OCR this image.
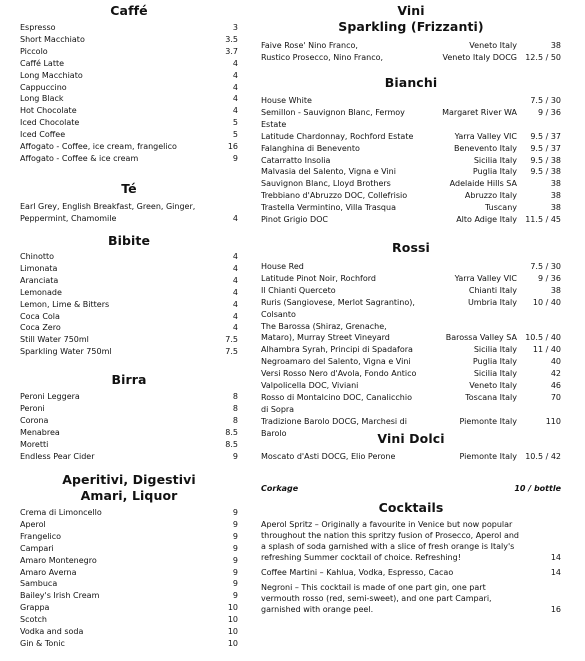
Caffé
Espresso	3
Short Macchiato	3.5
Piccolo	3.7
Caffé Latte	4
Long Macchiato	4
Cappuccino	4
Long Black	4
Hot Chocolate	4
Iced Chocolate	5
Iced Coffee	5
Affogato - Coffee, ice cream, frangelico	16
Affogato - Coffee & ice cream	9
Té
Earl Grey, English Breakfast, Green, Ginger, Peppermint, Chamomile	4
Bibite
Chinotto	4
Limonata	4
Aranciata	4
Lemonade	4
Lemon, Lime & Bitters	4
Coca Cola	4
Coca Zero	4
Still Water 750ml	7.5
Sparkling Water 750ml	7.5
Birra
Peroni Leggera	8
Peroni	8
Corona	8
Menabrea	8.5
Moretti	8.5
Endless Pear Cider	9
Aperitivi, Digestivi
Amari, Liquor
Crema di Limoncello	9
Aperol	9
Frangelico	9
Campari	9
Amaro Montenegro	9
Amaro Averna	9
Sambuca	9
Bailey's Irish Cream	9
Grappa	10
Scotch	10
Vodka and soda	10
Gin & Tonic	10
Vini
Sparkling (Frizzanti)
Faive Rose' Nino Franco,	Veneto Italy	38
Rustico Prosecco, Nino Franco,	Veneto Italy DOCG	12.5 / 50
Bianchi
House White	7.5 / 30
Semillon - Sauvignon Blanc, Fermoy Estate
Margaret River WA	9 / 36
Latitude Chardonnay, Rochford Estate	Yarra Valley VIC	9.5 / 37
Falanghina di Benevento	Benevento Italy	9.5 / 37
Catarratto Insolia	Sicilia Italy	9.5 / 38
Malvasia del Salento, Vigna e Vini	Puglia Italy	9.5 / 38
Sauvignon Blanc, Lloyd Brothers	Adelaide Hills SA	38
Trebbiano d'Abruzzo DOC, Collefrisio	Abruzzo Italy	38
Trastella Vermintino, Villa Trasqua	Tuscany	38
Pinot Grigio DOC	Alto Adige Italy	11.5 / 45
Rossi
House Red	7.5 / 30
Latitude Pinot Noir, Rochford	Yarra Valley VIC	9 / 36
Il Chianti Querceto	Chianti Italy	38
Ruris (Sangiovese, Merlot Sagrantino), Colsanto
Umbria Italy	10 / 40
The Barossa (Shiraz, Grenache, Mataro), Murray Street Vineyard	Barossa Valley SA	10.5 / 40
Alhambra Syrah, Principi di Spadafora	Sicilia Italy	11 / 40
Negroamaro del Salento, Vigna e Vini	Puglia Italy	40
Versi Rosso Nero d'Avola, Fondo Antico	Sicilia Italy	42
Valpolicella DOC, Viviani	Veneto Italy	46
Rosso di Montalcino DOC, Canalicchio di Sopra
Toscana Italy	70
Tradizione Barolo DOCG, Marchesi di Barolo
Piemonte Italy	110
Vini Dolci
Moscato d'Asti DOCG, Elio Perone	Piemonte Italy	10.5 / 42
Corkage	10 / bottle
Cocktails
Aperol Spritz – Originally a favourite in Venice but now popular throughout the nation this spritzy fusion of Prosecco, Aperol and a splash of soda garnished with a slice of fresh orange is Italy's refreshing Summer cocktail of choice. Refreshing!	14
Coffee Martini – Kahlua, Vodka, Espresso, Cacao	14
Negroni – This cocktail is made of one part gin, one part vermouth rosso (red, semi-sweet), and one part Campari, garnished with orange peel.	16
